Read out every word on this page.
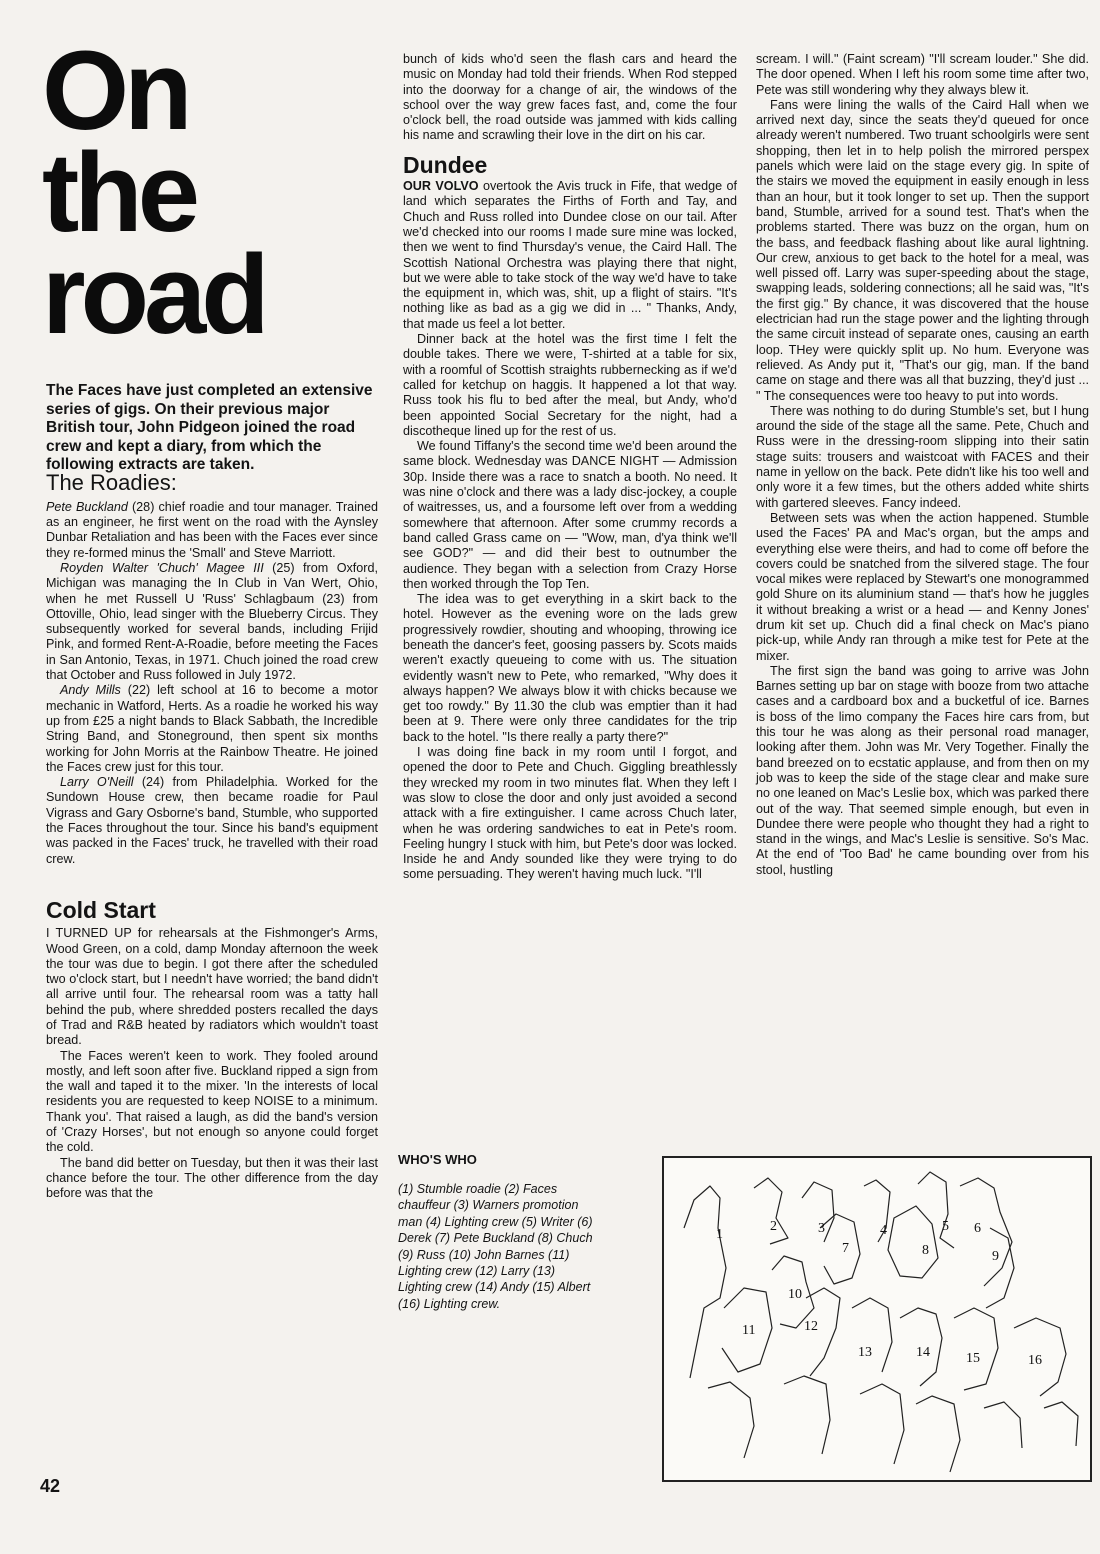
On
the
road

The Faces have just completed an extensive series of gigs. On their previous major British tour, John Pidgeon joined the road crew and kept a diary, from which the following extracts are taken.

The Roadies:

Pete Buckland (28) chief roadie and tour manager. Trained as an engineer, he first went on the road with the Aynsley Dunbar Retaliation and has been with the Faces ever since they re-formed minus the 'Small' and Steve Marriott.

Royden Walter 'Chuch' Magee III (25) from Oxford, Michigan was managing the In Club in Van Wert, Ohio, when he met Russell U 'Russ' Schlagbaum (23) from Ottoville, Ohio, lead singer with the Blueberry Circus. They subsequently worked for several bands, including Frijid Pink, and formed Rent-A-Roadie, before meeting the Faces in San Antonio, Texas, in 1971. Chuch joined the road crew that October and Russ followed in July 1972.

Andy Mills (22) left school at 16 to become a motor mechanic in Watford, Herts. As a roadie he worked his way up from £25 a night bands to Black Sabbath, the Incredible String Band, and Stoneground, then spent six months working for John Morris at the Rainbow Theatre. He joined the Faces crew just for this tour.

Larry O'Neill (24) from Philadelphia. Worked for the Sundown House crew, then became roadie for Paul Vigrass and Gary Osborne's band, Stumble, who supported the Faces throughout the tour. Since his band's equipment was packed in the Faces' truck, he travelled with their road crew.

Cold Start

I TURNED UP for rehearsals at the Fishmonger's Arms, Wood Green, on a cold, damp Monday afternoon the week the tour was due to begin. I got there after the scheduled two o'clock start, but I needn't have worried; the band didn't all arrive until four. The rehearsal room was a tatty hall behind the pub, where shredded posters recalled the days of Trad and R&B heated by radiators which wouldn't toast bread.

The Faces weren't keen to work. They fooled around mostly, and left soon after five. Buckland ripped a sign from the wall and taped it to the mixer. 'In the interests of local residents you are requested to keep NOISE to a minimum. Thank you'. That raised a laugh, as did the band's version of 'Crazy Horses', but not enough so anyone could forget the cold.

The band did better on Tuesday, but then it was their last chance before the tour. The other difference from the day before was that the

bunch of kids who'd seen the flash cars and heard the music on Monday had told their friends. When Rod stepped into the doorway for a change of air, the windows of the school over the way grew faces fast, and, come the four o'clock bell, the road outside was jammed with kids calling his name and scrawling their love in the dirt on his car.

Dundee

OUR VOLVO overtook the Avis truck in Fife, that wedge of land which separates the Firths of Forth and Tay, and Chuch and Russ rolled into Dundee close on our tail. After we'd checked into our rooms I made sure mine was locked, then we went to find Thursday's venue, the Caird Hall. The Scottish National Orchestra was playing there that night, but we were able to take stock of the way we'd have to take the equipment in, which was, shit, up a flight of stairs. "It's nothing like as bad as a gig we did in ... " Thanks, Andy, that made us feel a lot better.

Dinner back at the hotel was the first time I felt the double takes. There we were, T-shirted at a table for six, with a roomful of Scottish straights rubbernecking as if we'd called for ketchup on haggis. It happened a lot that way. Russ took his flu to bed after the meal, but Andy, who'd been appointed Social Secretary for the night, had a discotheque lined up for the rest of us.

We found Tiffany's the second time we'd been around the same block. Wednesday was DANCE NIGHT — Admission 30p. Inside there was a race to snatch a booth. No need. It was nine o'clock and there was a lady disc-jockey, a couple of waitresses, us, and a foursome left over from a wedding somewhere that afternoon. After some crummy records a band called Grass came on — "Wow, man, d'ya think we'll see GOD?" — and did their best to outnumber the audience. They began with a selection from Crazy Horse then worked through the Top Ten.

The idea was to get everything in a skirt back to the hotel. However as the evening wore on the lads grew progressively rowdier, shouting and whooping, throwing ice beneath the dancer's feet, goosing passers by. Scots maids weren't exactly queueing to come with us. The situation evidently wasn't new to Pete, who remarked, "Why does it always happen? We always blow it with chicks because we get too rowdy." By 11.30 the club was emptier than it had been at 9. There were only three candidates for the trip back to the hotel. "Is there really a party there?"

I was doing fine back in my room until I forgot, and opened the door to Pete and Chuch. Giggling breathlessly they wrecked my room in two minutes flat. When they left I was slow to close the door and only just avoided a second attack with a fire extinguisher. I came across Chuch later, when he was ordering sandwiches to eat in Pete's room. Feeling hungry I stuck with him, but Pete's door was locked. Inside he and Andy sounded like they were trying to do some persuading. They weren't having much luck. "I'll

scream. I will." (Faint scream) "I'll scream louder." She did. The door opened. When I left his room some time after two, Pete was still wondering why they always blew it.

Fans were lining the walls of the Caird Hall when we arrived next day, since the seats they'd queued for once already weren't numbered. Two truant schoolgirls were sent shopping, then let in to help polish the mirrored perspex panels which were laid on the stage every gig. In spite of the stairs we moved the equipment in easily enough in less than an hour, but it took longer to set up. Then the support band, Stumble, arrived for a sound test. That's when the problems started. There was buzz on the organ, hum on the bass, and feedback flashing about like aural lightning. Our crew, anxious to get back to the hotel for a meal, was well pissed off. Larry was super-speeding about the stage, swapping leads, soldering connections; all he said was, "It's the first gig." By chance, it was discovered that the house electrician had run the stage power and the lighting through the same circuit instead of separate ones, causing an earth loop. THey were quickly split up. No hum. Everyone was relieved. As Andy put it, "That's our gig, man. If the band came on stage and there was all that buzzing, they'd just ... " The consequences were too heavy to put into words.

There was nothing to do during Stumble's set, but I hung around the side of the stage all the same. Pete, Chuch and Russ were in the dressing-room slipping into their satin stage suits: trousers and waistcoat with FACES and their name in yellow on the back. Pete didn't like his too well and only wore it a few times, but the others added white shirts with gartered sleeves. Fancy indeed.

Between sets was when the action happened. Stumble used the Faces' PA and Mac's organ, but the amps and everything else were theirs, and had to come off before the covers could be snatched from the silvered stage. The four vocal mikes were replaced by Stewart's one monogrammed gold Shure on its aluminium stand — that's how he juggles it without breaking a wrist or a head — and Kenny Jones' drum kit set up. Chuch did a final check on Mac's piano pick-up, while Andy ran through a mike test for Pete at the mixer.

The first sign the band was going to arrive was John Barnes setting up bar on stage with booze from two attache cases and a cardboard box and a bucketful of ice. Barnes is boss of the limo company the Faces hire cars from, but this tour he was along as their personal road manager, looking after them. John was Mr. Very Together. Finally the band breezed on to ecstatic applause, and from then on my job was to keep the side of the stage clear and make sure no one leaned on Mac's Leslie box, which was parked there out of the way. That seemed simple enough, but even in Dundee there were people who thought they had a right to stand in the wings, and Mac's Leslie is sensitive. So's Mac. At the end of 'Too Bad' he came bounding over from his stool, hustling

WHO'S WHO

(1) Stumble roadie (2) Faces chauffeur (3) Warners promotion man (4) Lighting crew (5) Writer (6) Derek (7) Pete Buckland (8) Chuch (9) Russ (10) John Barnes (11) Lighting crew (12) Larry (13) Lighting crew (14) Andy (15) Albert (16) Lighting crew.

1
2	3	4	5 6
7	8	9
10
11	12
13	14	15	16
42
